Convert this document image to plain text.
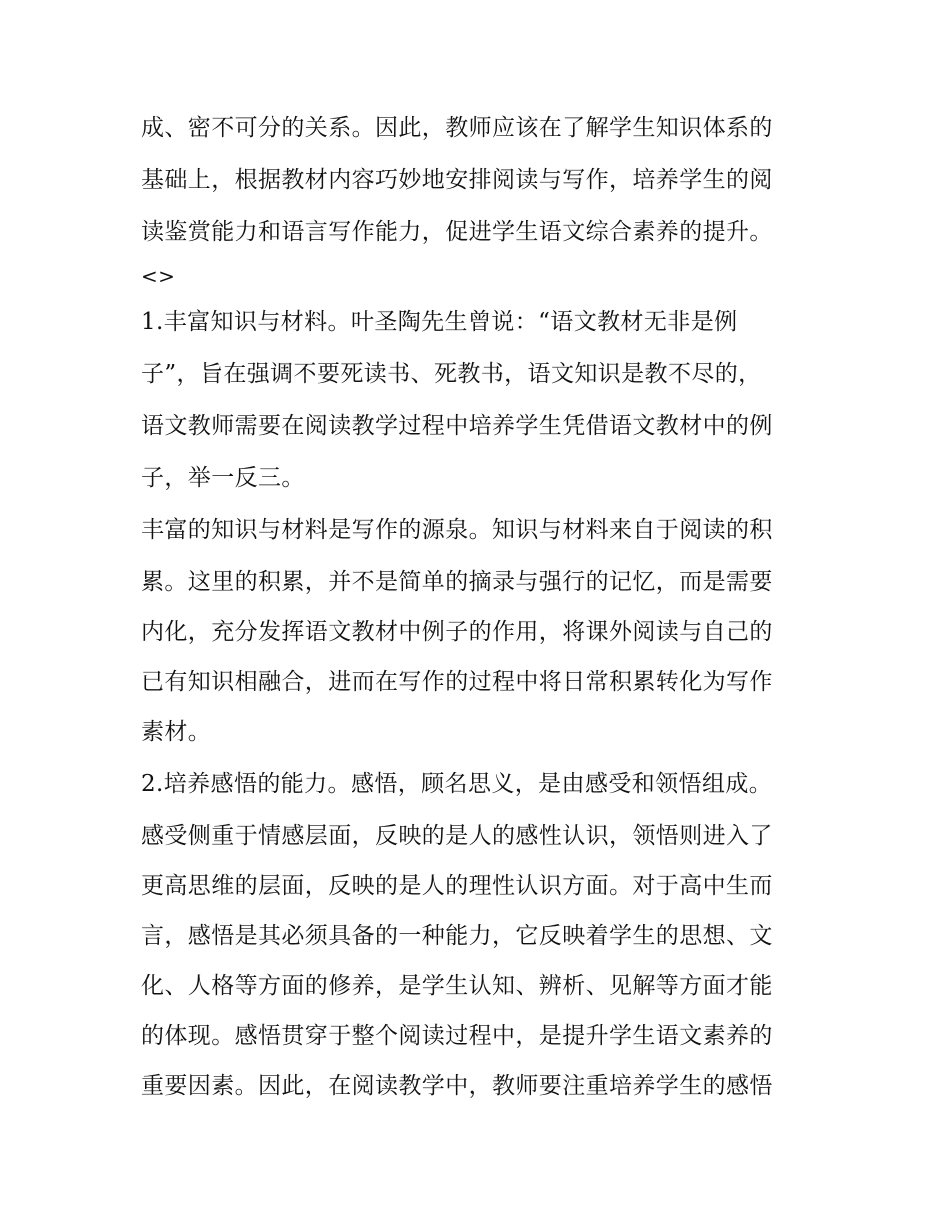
成、密不可分的关系。因此，教师应该在了解学生知识体系的
基础上，根据教材内容巧妙地安排阅读与写作，培养学生的阅
读鉴赏能力和语言写作能力，促进学生语文综合素养的提升。
<>
1.丰富知识与材料。叶圣陶先生曾说：“语文教材无非是例
子”，旨在强调不要死读书、死教书，语文知识是教不尽的，
语文教师需要在阅读教学过程中培养学生凭借语文教材中的例
子，举一反三。
丰富的知识与材料是写作的源泉。知识与材料来自于阅读的积
累。这里的积累，并不是简单的摘录与强行的记忆，而是需要
内化，充分发挥语文教材中例子的作用，将课外阅读与自己的
已有知识相融合，进而在写作的过程中将日常积累转化为写作
素材。
2.培养感悟的能力。感悟，顾名思义，是由感受和领悟组成。
感受侧重于情感层面，反映的是人的感性认识，领悟则进入了
更高思维的层面，反映的是人的理性认识方面。对于高中生而
言，感悟是其必须具备的一种能力，它反映着学生的思想、文
化、人格等方面的修养，是学生认知、辨析、见解等方面才能
的体现。感悟贯穿于整个阅读过程中，是提升学生语文素养的
重要因素。因此，在阅读教学中，教师要注重培养学生的感悟
